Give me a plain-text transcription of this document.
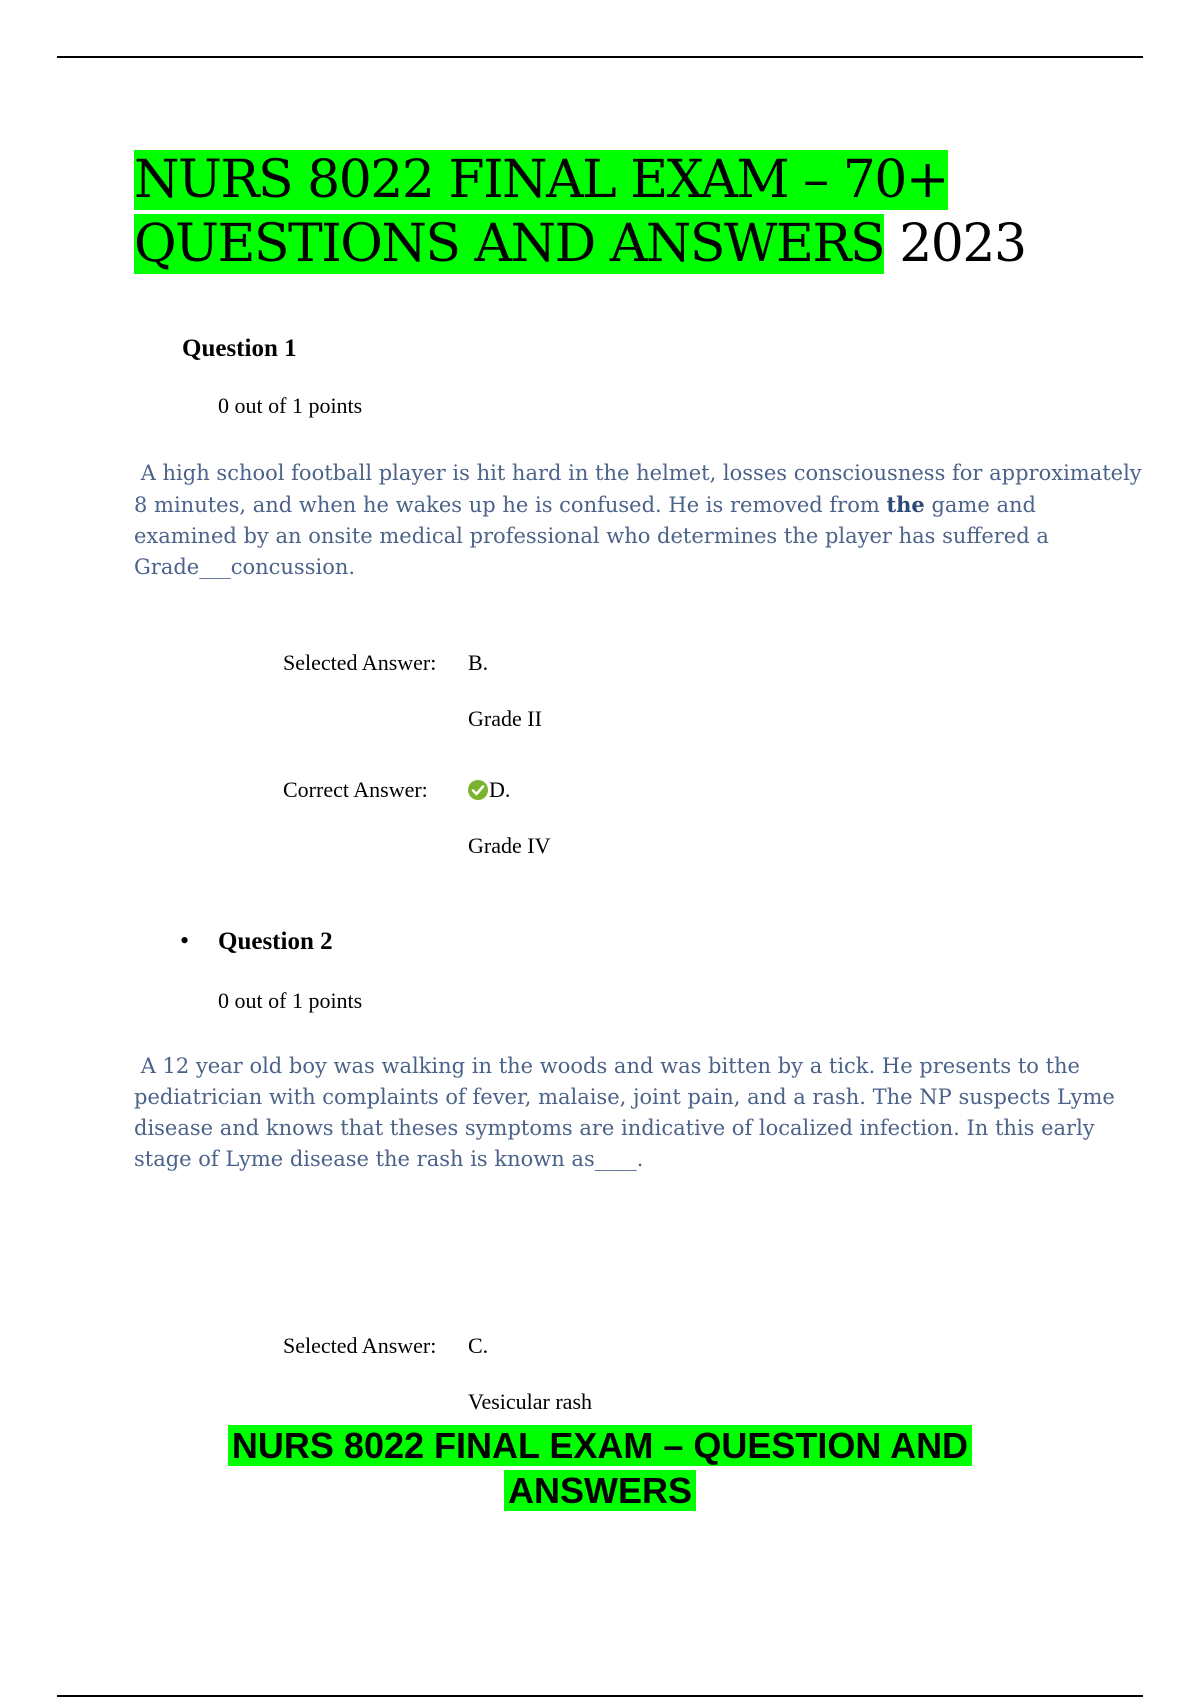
NURS 8022 FINAL EXAM – 70+ QUESTIONS AND ANSWERS 2023
Question 1
0 out of 1 points

A high school football player is hit hard in the helmet, losses consciousness for approximately 8 minutes, and when he wakes up he is confused. He is removed from the game and examined by an onsite medical professional who determines the player has suffered a Grade___concussion.

Selected Answer: B.
Grade II
Correct Answer:	D.
Grade IV
• Question 2
0 out of 1 points

A 12 year old boy was walking in the woods and was bitten by a tick. He presents to the pediatrician with complaints of fever, malaise, joint pain, and a rash. The NP suspects Lyme disease and knows that theses symptoms are indicative of localized infection. In this early stage of Lyme disease the rash is known as____.

Selected Answer: C.
Vesicular rash
NURS 8022 FINAL EXAM – QUESTION AND
ANSWERS
